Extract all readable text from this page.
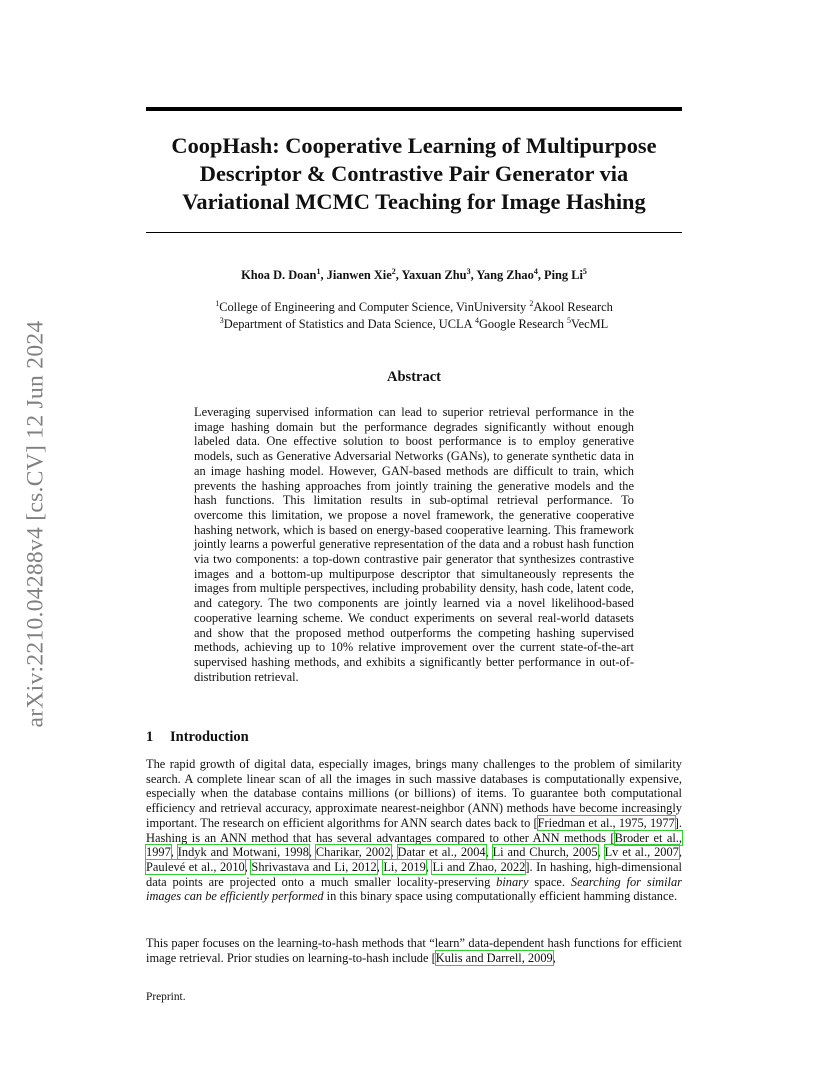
arXiv:2210.04288v4 [cs.CV] 12 Jun 2024
CoopHash: Cooperative Learning of Multipurpose
Descriptor & Contrastive Pair Generator via
Variational MCMC Teaching for Image Hashing

Khoa D. Doan$^1$, Jianwen Xie$^2$, Yaxuan Zhu$^3$, Yang Zhao$^4$, Ping Li$^5$

$^1$College of Engineering and Computer Science, VinUniversity $^2$Akool Research
$^3$Department of Statistics and Data Science, UCLA $^4$Google Research $^5$VecML

Abstract

Leveraging supervised information can lead to superior retrieval performance in the image hashing domain but the performance degrades significantly without enough labeled data. One effective solution to boost performance is to employ generative models, such as Generative Adversarial Networks (GANs), to generate synthetic data in an image hashing model. However, GAN-based methods are difficult to train, which prevents the hashing approaches from jointly training the generative models and the hash functions. This limitation results in sub-optimal retrieval performance. To overcome this limitation, we propose a novel framework, the generative cooperative hashing network, which is based on energy-based cooperative learning. This framework jointly learns a powerful generative representation of the data and a robust hash function via two components: a top-down contrastive pair generator that synthesizes contrastive images and a bottom-up multipurpose descriptor that simultaneously represents the images from multiple perspectives, including probability density, hash code, latent code, and category. The two components are jointly learned via a novel likelihood-based cooperative learning scheme. We conduct experiments on several real-world datasets and show that the proposed method outperforms the competing hashing supervised methods, achieving up to 10% relative improvement over the current state-of-the-art supervised hashing methods, and exhibits a significantly better performance in out-of-distribution retrieval.

1 Introduction

The rapid growth of digital data, especially images, brings many challenges to the problem of similarity search. A complete linear scan of all the images in such massive databases is computationally expensive, especially when the database contains millions (or billions) of items. To guarantee both computational efficiency and retrieval accuracy, approximate nearest-neighbor (ANN) methods have become increasingly important. The research on efficient algorithms for ANN search dates back to [Friedman et al., 1975, 1977]. Hashing is an ANN method that has several advantages compared to other ANN methods [Broder et al., 1997, Indyk and Motwani, 1998, Charikar, 2002, Datar et al., 2004, Li and Church, 2005, Lv et al., 2007, Paulevé et al., 2010, Shrivastava and Li, 2012, Li, 2019, Li and Zhao, 2022]. In hashing, high-dimensional data points are projected onto a much smaller locality-preserving binary space. Searching for similar images can be efficiently performed in this binary space using computationally efficient hamming distance.

This paper focuses on the learning-to-hash methods that “learn” data-dependent hash functions for efficient image retrieval. Prior studies on learning-to-hash include [Kulis and Darrell, 2009,

Preprint.
